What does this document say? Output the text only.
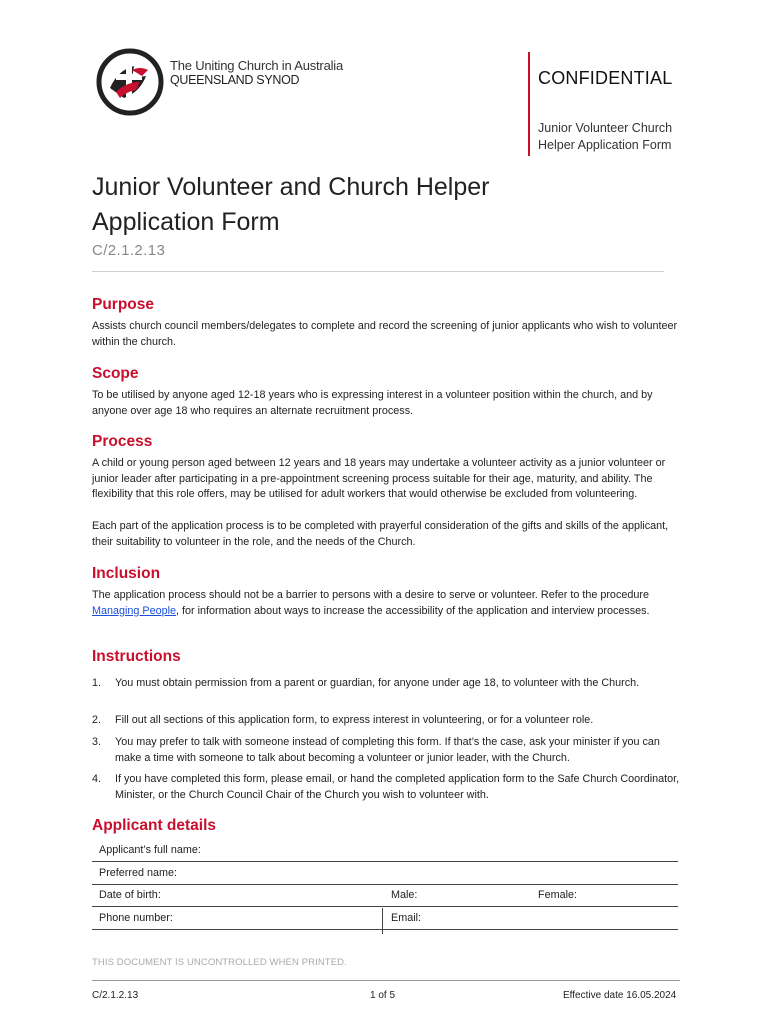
The Uniting Church in Australia
QUEENSLAND SYNOD	CONFIDENTIAL
Junior Volunteer Church
Helper Application Form
Junior Volunteer and Church Helper
Application Form
C/2.1.2.13
Purpose

Assists church council members/delegates to complete and record the screening of junior applicants who wish to volunteer within the church.

Scope

To be utilised by anyone aged 12-18 years who is expressing interest in a volunteer position within the church, and by anyone over age 18 who requires an alternate recruitment process.

Process

A child or young person aged between 12 years and 18 years may undertake a volunteer activity as a junior volunteer or junior leader after participating in a pre-appointment screening process suitable for their age, maturity, and ability. The flexibility that this role offers, may be utilised for adult workers that would otherwise be excluded from volunteering.

Each part of the application process is to be completed with prayerful consideration of the gifts and skills of the applicant, their suitability to volunteer in the role, and the needs of the Church.

Inclusion

The application process should not be a barrier to persons with a desire to serve or volunteer. Refer to the procedure Managing People, for information about ways to increase the accessibility of the application and interview processes.

Instructions
1. You must obtain permission from a parent or guardian, for anyone under age 18, to volunteer with the Church.
2. Fill out all sections of this application form, to express interest in volunteering, or for a volunteer role.
3. You may prefer to talk with someone instead of completing this form. If that’s the case, ask your minister if you can make a time with someone to talk about becoming a volunteer or junior leader, with the Church.
4. If you have completed this form, please email, or hand the completed application form to the Safe Church Coordinator, Minister, or the Church Council Chair of the Church you wish to volunteer with.
Applicant details
Applicant’s full name:
Preferred name:
Date of birth:	Male:	Female:
Phone number:	Email:
THIS DOCUMENT IS UNCONTROLLED WHEN PRINTED.
C/2.1.2.13	1 of 5	Effective date 16.05.2024
